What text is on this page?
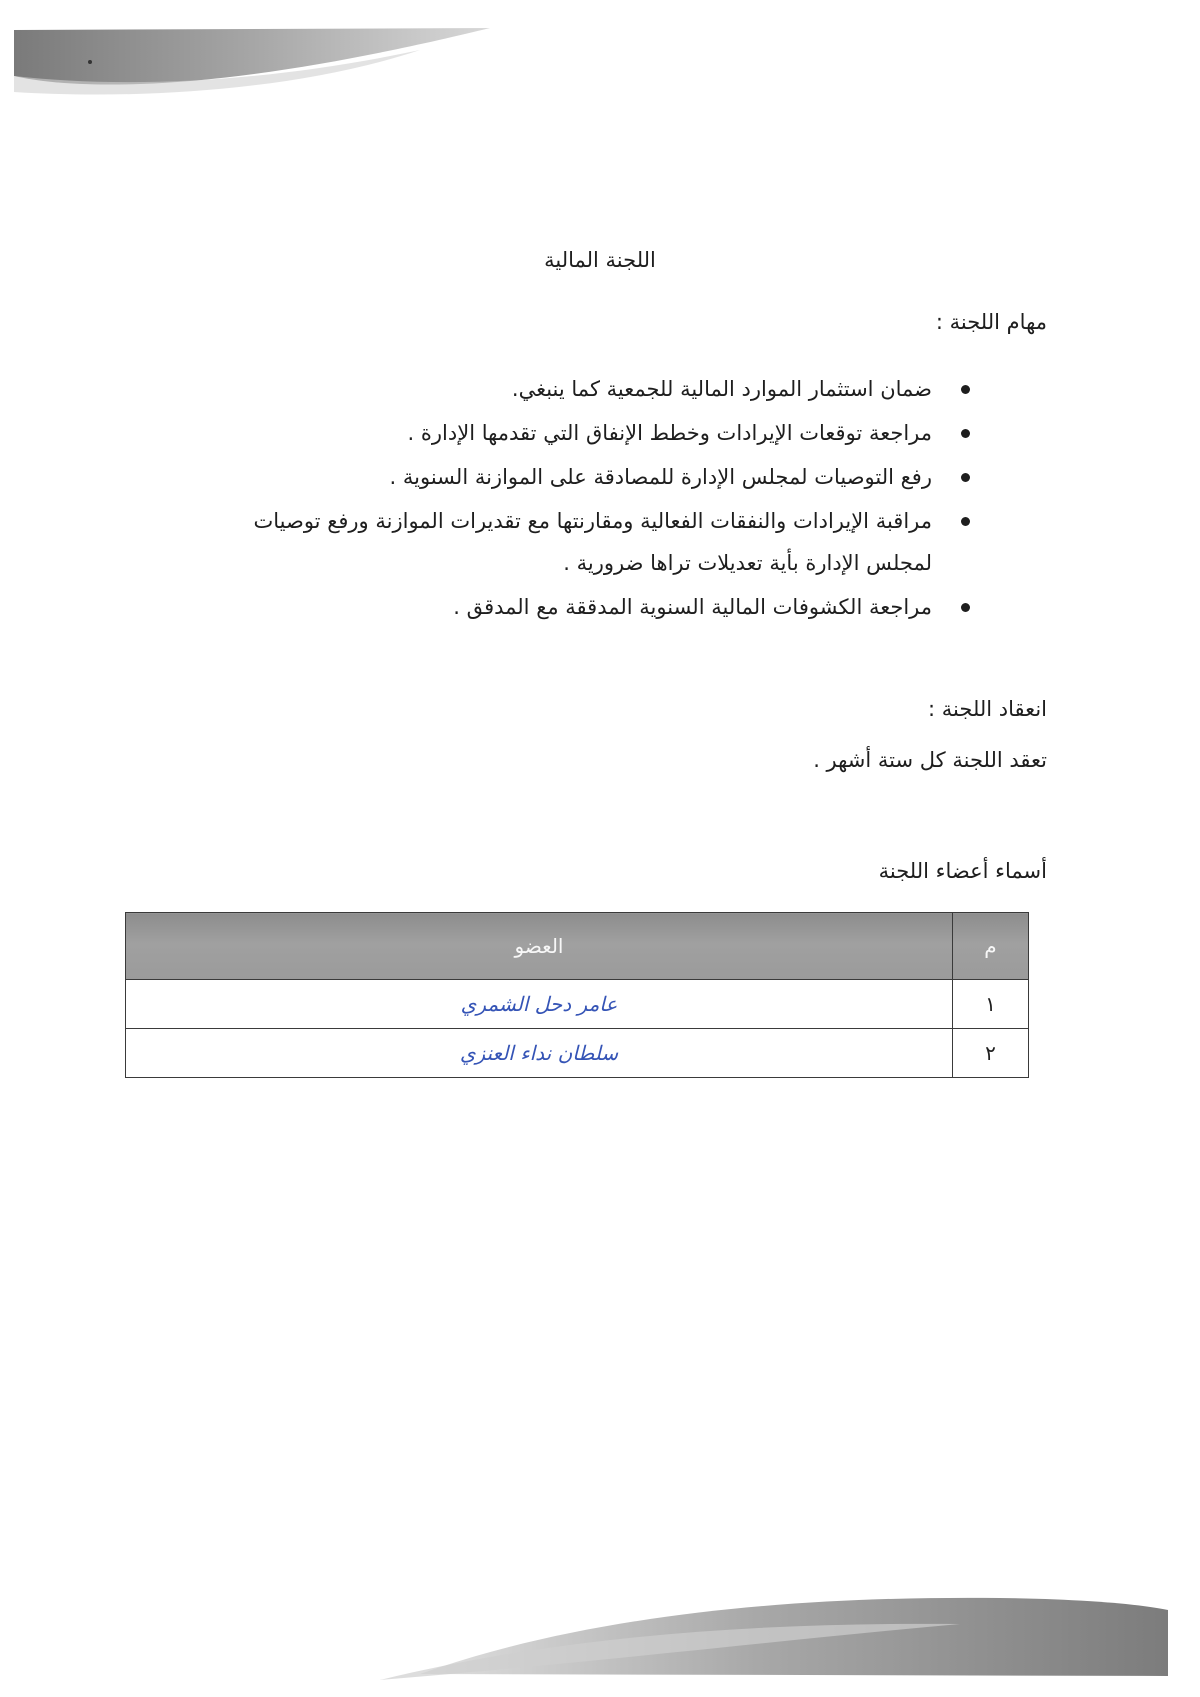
اللجنة المالية
مهام اللجنة :
ضمان استثمار الموارد المالية للجمعية كما ينبغي.
مراجعة توقعات الإيرادات وخطط الإنفاق التي تقدمها الإدارة .
رفع التوصيات لمجلس الإدارة للمصادقة على الموازنة السنوية .
مراقبة الإيرادات والنفقات الفعالية ومقارنتها مع تقديرات الموازنة ورفع توصيات لمجلس الإدارة بأية تعديلات تراها ضرورية .
مراجعة الكشوفات المالية السنوية المدققة مع المدقق .
انعقاد اللجنة :

تعقد اللجنة كل ستة أشهر .

أسماء أعضاء اللجنة
م	العضو
١	عامر دحل الشمري
٢	سلطان نداء العنزي
